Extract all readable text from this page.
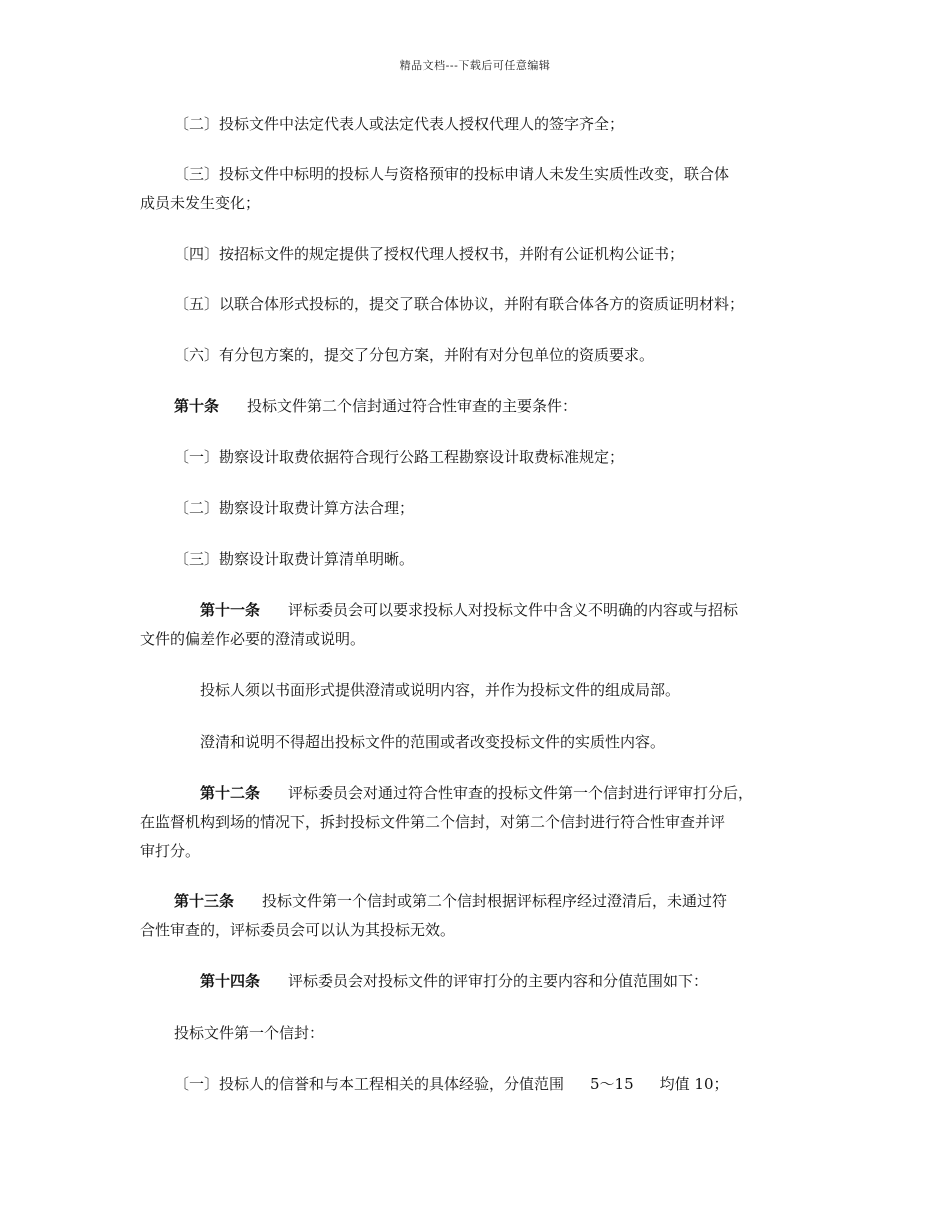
精品文档---下载后可任意编辑
〔二〕投标文件中法定代表人或法定代表人授权代理人的签字齐全；
〔三〕投标文件中标明的投标人与资格预审的投标申请人未发生实质性改变，联合体
成员未发生变化；
〔四〕按招标文件的规定提供了授权代理人授权书，并附有公证机构公证书；
〔五〕以联合体形式投标的，提交了联合体协议，并附有联合体各方的资质证明材料；
〔六〕有分包方案的，提交了分包方案，并附有对分包单位的资质要求。
第十条 投标文件第二个信封通过符合性审查的主要条件：
〔一〕勘察设计取费依据符合现行公路工程勘察设计取费标准规定；
〔二〕勘察设计取费计算方法合理；
〔三〕勘察设计取费计算清单明晰。
第十一条 评标委员会可以要求投标人对投标文件中含义不明确的内容或与招标
文件的偏差作必要的澄清或说明。
投标人须以书面形式提供澄清或说明内容，并作为投标文件的组成局部。
澄清和说明不得超出投标文件的范围或者改变投标文件的实质性内容。
第十二条 评标委员会对通过符合性审查的投标文件第一个信封进行评审打分后，
在监督机构到场的情况下，拆封投标文件第二个信封，对第二个信封进行符合性审查并评
审打分。
第十三条 投标文件第一个信封或第二个信封根据评标程序经过澄清后，未通过符
合性审查的，评标委员会可以认为其投标无效。
第十四条 评标委员会对投标文件的评审打分的主要内容和分值范围如下：
投标文件第一个信封：
〔一〕投标人的信誉和与本工程相关的具体经验，分值范围 5～15 均值 10；
